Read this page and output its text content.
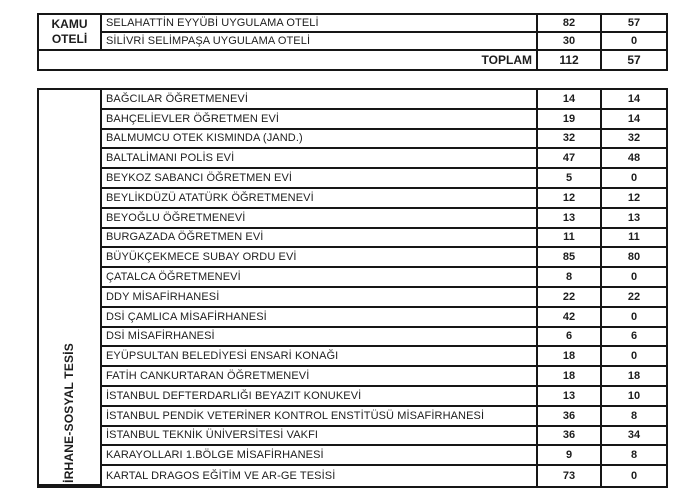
KAMU OTELİ
SELAHATTİN EYYÜBİ UYGULAMA OTELİ	82	57
SİLİVRİ SELİMPAŞA UYGULAMA OTELİ	30	0
TOPLAM	112	57
İRHANE-SOSYAL TESİS
BAĞCILAR ÖĞRETMENEVİ	14	14
BAHÇELİEVLER ÖĞRETMEN EVİ	19	14
BALMUMCU OTEK KISMINDA (JAND.)	32	32
BALTALİMANI POLİS EVİ	47	48
BEYKOZ SABANCI ÖĞRETMEN EVİ	5	0
BEYLİKDÜZÜ ATATÜRK ÖĞRETMENEVİ	12	12
BEYOĞLU ÖĞRETMENEVİ	13	13
BURGAZADA ÖĞRETMEN EVİ	11	11
BÜYÜKÇEKMECE SUBAY ORDU EVİ	85	80
ÇATALCA ÖĞRETMENEVİ	8	0
DDY MİSAFİRHANESİ	22	22
DSİ ÇAMLICA MİSAFİRHANESİ	42	0
DSİ MİSAFİRHANESİ	6	6
EYÜPSULTAN BELEDİYESİ ENSARİ KONAĞI	18	0
FATİH CANKURTARAN ÖĞRETMENEVİ	18	18
İSTANBUL DEFTERDARLIĞI BEYAZIT KONUKEVİ	13	10
İSTANBUL PENDİK VETERİNER KONTROL ENSTİTÜSÜ MİSAFİRHANESİ	36	8
İSTANBUL TEKNİK ÜNİVERSİTESİ VAKFI	36	34
KARAYOLLARI 1.BÖLGE MİSAFİRHANESİ	9	8
KARTAL DRAGOS EĞİTİM VE AR-GE TESİSİ	73	0
